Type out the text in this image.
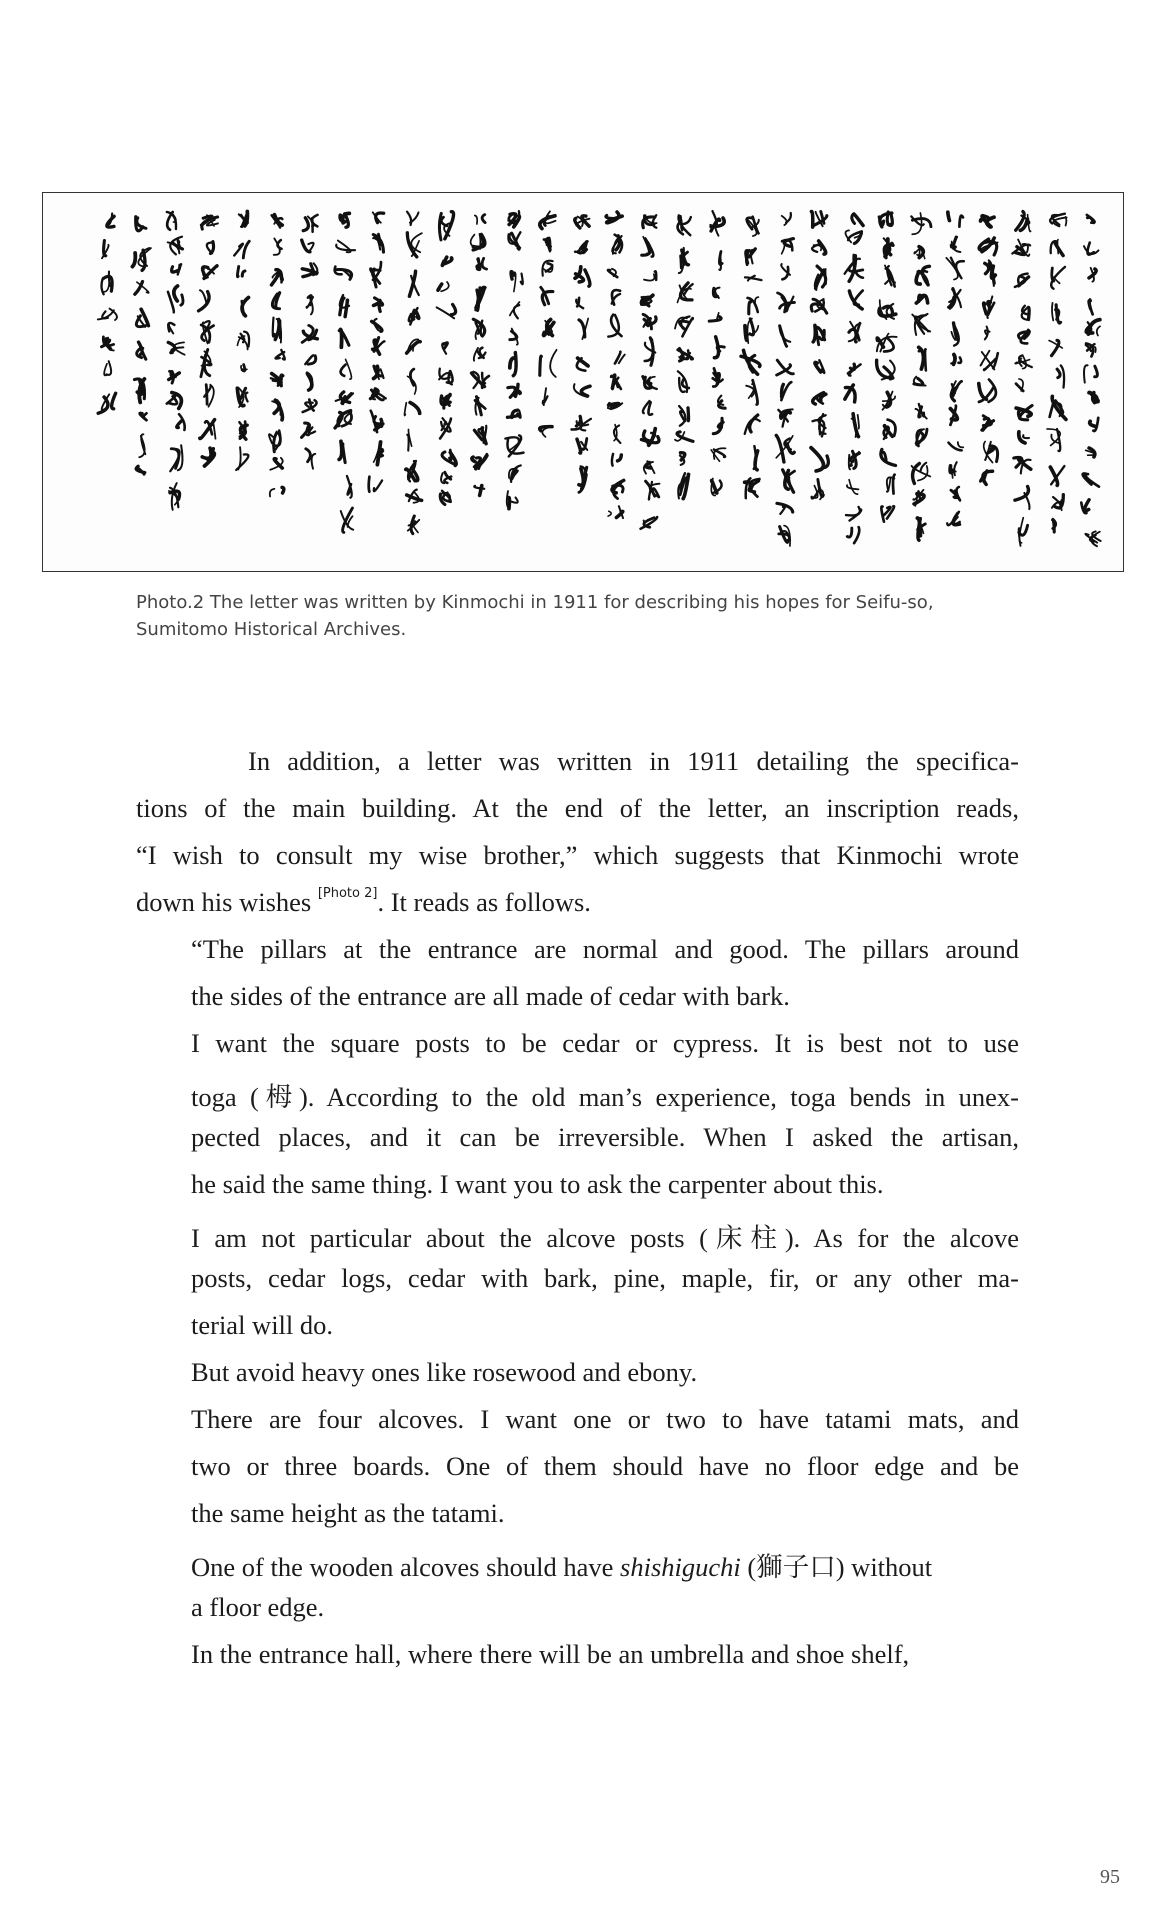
Photo.2 The letter was written by Kinmochi in 1911 for describing his hopes for Seifu-so,
Sumitomo Historical Archives.
In addition, a letter was written in 1911 detailing the specifica-
tions of the main building. At the end of the letter, an inscription reads,
“I wish to consult my wise brother,” which suggests that Kinmochi wrote
down his wishes [Photo 2]. It reads as follows.
“The pillars at the entrance are normal and good. The pillars around
the sides of the entrance are all made of cedar with bark.
I want the square posts to be cedar or cypress. It is best not to use
toga (栂). According to the old man’s experience, toga bends in unex-
pected places, and it can be irreversible. When I asked the artisan,
he said the same thing. I want you to ask the carpenter about this.
I am not particular about the alcove posts (床柱). As for the alcove
posts, cedar logs, cedar with bark, pine, maple, fir, or any other ma-
terial will do.
But avoid heavy ones like rosewood and ebony.
There are four alcoves. I want one or two to have tatami mats, and
two or three boards. One of them should have no floor edge and be
the same height as the tatami.
One of the wooden alcoves should have shishiguchi (獅子口) without
a floor edge.
In the entrance hall, where there will be an umbrella and shoe shelf,
95
